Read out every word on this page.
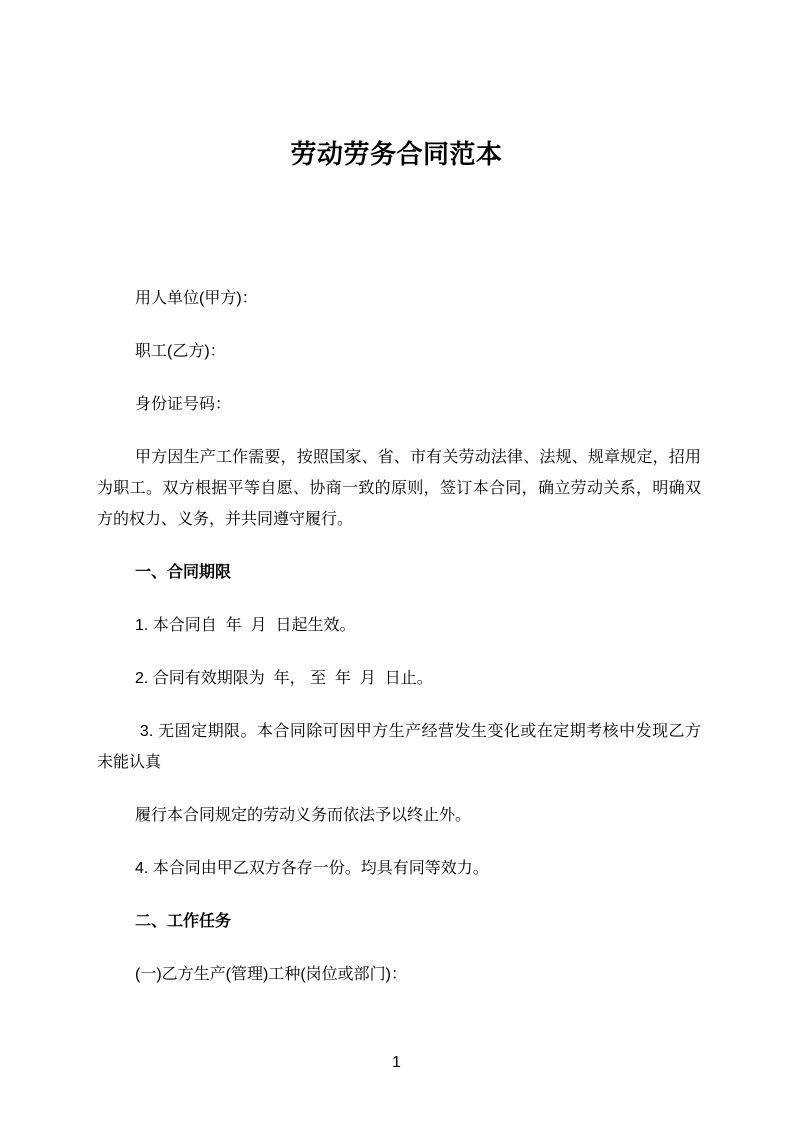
劳动劳务合同范本

用人单位(甲方)：

职工(乙方)：

身份证号码：

甲方因生产工作需要，按照国家、省、市有关劳动法律、法规、规章规定，招用为职工。双方根据平等自愿、协商一致的原则，签订本合同，确立劳动关系，明确双方的权力、义务，并共同遵守履行。

一、合同期限

1. 本合同自  年  月  日起生效。

2. 合同有效期限为  年， 至  年  月  日止。

3. 无固定期限。本合同除可因甲方生产经营发生变化或在定期考核中发现乙方未能认真

履行本合同规定的劳动义务而依法予以终止外。

4. 本合同由甲乙双方各存一份。均具有同等效力。

二、工作任务

(一)乙方生产(管理)工种(岗位或部门)：

1
